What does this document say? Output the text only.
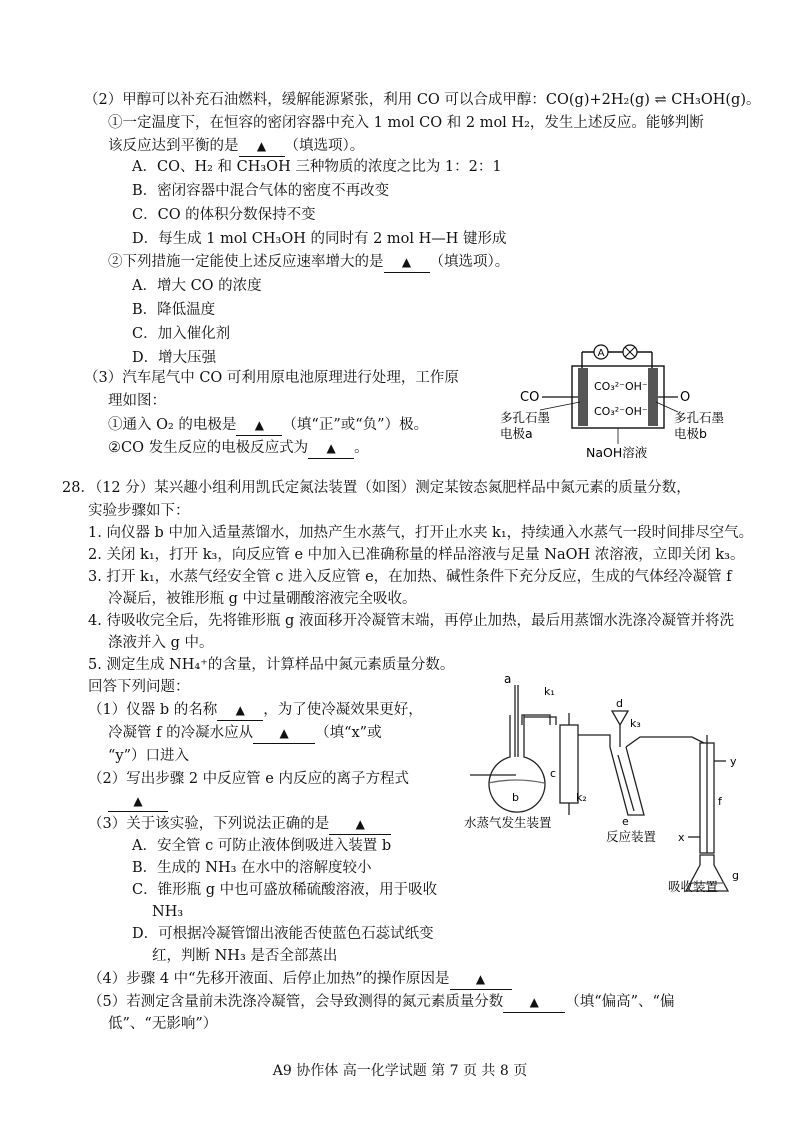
（2）甲醇可以补充石油燃料，缓解能源紧张，利用 CO 可以合成甲醇：CO(g)+2H₂(g) ⇌ CH₃OH(g)。
①一定温度下，在恒容的密闭容器中充入 1 mol CO 和 2 mol H₂，发生上述反应。能够判断
该反应达到平衡的是 ▲ （填选项）。
A．CO、H₂ 和 CH₃OH 三种物质的浓度之比为 1：2：1
B．密闭容器中混合气体的密度不再改变
C．CO 的体积分数保持不变
D．每生成 1 mol CH₃OH 的同时有 2 mol H—H 键形成
②下列措施一定能使上述反应速率增大的是 ▲ （填选项）。
A．增大 CO 的浓度
B．降低温度
C．加入催化剂
D．增大压强
（3）汽车尾气中 CO 可利用原电池原理进行处理，工作原
理如图：
①通入 O₂ 的电极是 ▲ （填“正”或“负”）极。
②CO 发生反应的电极反应式为 ▲ 。
A
CO	O
CO₃²⁻OH⁻
CO₃²⁻OH⁻
多孔石墨
电极a
多孔石墨
电极b
NaOH溶液
28．（12 分）某兴趣小组利用凯氏定氮法装置（如图）测定某铵态氮肥样品中氮元素的质量分数，
实验步骤如下：
1. 向仪器 b 中加入适量蒸馏水，加热产生水蒸气，打开止水夹 k₁，持续通入水蒸气一段时间排尽空气。
2. 关闭 k₁，打开 k₃，向反应管 e 中加入已准确称量的样品溶液与足量 NaOH 浓溶液，立即关闭 k₃。
3. 打开 k₁，水蒸气经安全管 c 进入反应管 e，在加热、碱性条件下充分反应，生成的气体经冷凝管 f
冷凝后，被锥形瓶 g 中过量硼酸溶液完全吸收。
4. 待吸收完全后，先将锥形瓶 g 液面移开冷凝管末端，再停止加热，最后用蒸馏水洗涤冷凝管并将洗
涤液并入 g 中。
5. 测定生成 NH₄⁺的含量，计算样品中氮元素质量分数。
回答下列问题：
（1）仪器 b 的名称 ▲ ，为了使冷凝效果更好，
冷凝管 f 的冷凝水应从 ▲ （填“x”或
“y”）口进入
（2）写出步骤 2 中反应管 e 内反应的离子方程式
▲
（3）关于该实验，下列说法正确的是 ▲
A．安全管 c 可防止液体倒吸进入装置 b
B．生成的 NH₃ 在水中的溶解度较小
C．锥形瓶 g 中也可盛放稀硫酸溶液，用于吸收
NH₃
D．可根据冷凝管馏出液能否使蓝色石蕊试纸变
红，判断 NH₃ 是否全部蒸出
（4）步骤 4 中“先移开液面、后停止加热”的操作原因是 ▲
（5）若测定含量前未洗涤冷凝管，会导致测得的氮元素质量分数 ▲ （填“偏高”、“偏
低”、“无影响”）
a
k₁
d
k₃
c
k₂
e
y
f
x
g
b
水蒸气发生装置
反应装置
吸收装置
A9 协作体 高一化学试题 第 7 页 共 8 页
